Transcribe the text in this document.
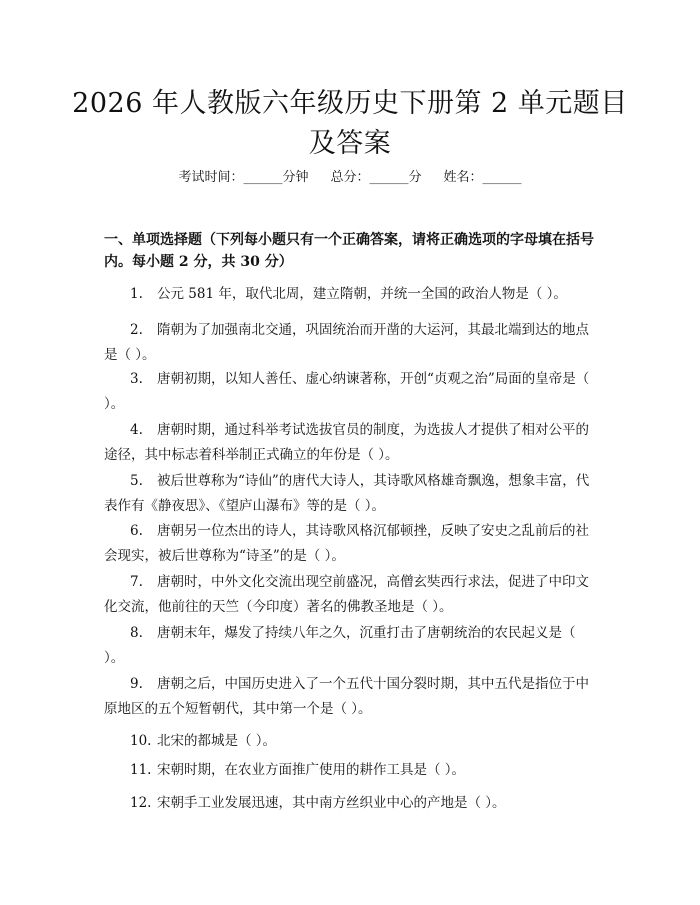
2026 年人教版六年级历史下册第 2 单元题目
及答案
考试时间：______分钟 总分：______分 姓名：______
一、单项选择题（下列每小题只有一个正确答案，请将正确选项的字母填在括号内。每小题 2 分，共 30 分）
1. 公元 581 年，取代北周，建立隋朝，并统一全国的政治人物是（ ）。
2. 隋朝为了加强南北交通，巩固统治而开凿的大运河，其最北端到达的地点是（ ）。
3. 唐朝初期，以知人善任、虚心纳谏著称，开创“贞观之治”局面的皇帝是（ ）。
4. 唐朝时期，通过科举考试选拔官员的制度，为选拔人才提供了相对公平的途径，其中标志着科举制正式确立的年份是（ ）。
5. 被后世尊称为“诗仙”的唐代大诗人，其诗歌风格雄奇飘逸，想象丰富，代表作有《静夜思》、《望庐山瀑布》等的是（ ）。
6. 唐朝另一位杰出的诗人，其诗歌风格沉郁顿挫，反映了安史之乱前后的社会现实，被后世尊称为“诗圣”的是（ ）。
7. 唐朝时，中外文化交流出现空前盛况，高僧玄奘西行求法，促进了中印文化交流，他前往的天竺（今印度）著名的佛教圣地是（ ）。
8. 唐朝末年，爆发了持续八年之久，沉重打击了唐朝统治的农民起义是（ ）。
9. 唐朝之后，中国历史进入了一个五代十国分裂时期，其中五代是指位于中原地区的五个短暂朝代，其中第一个是（ ）。
10. 北宋的都城是（ ）。
11. 宋朝时期，在农业方面推广使用的耕作工具是（ ）。
12. 宋朝手工业发展迅速，其中南方丝织业中心的产地是（ ）。
